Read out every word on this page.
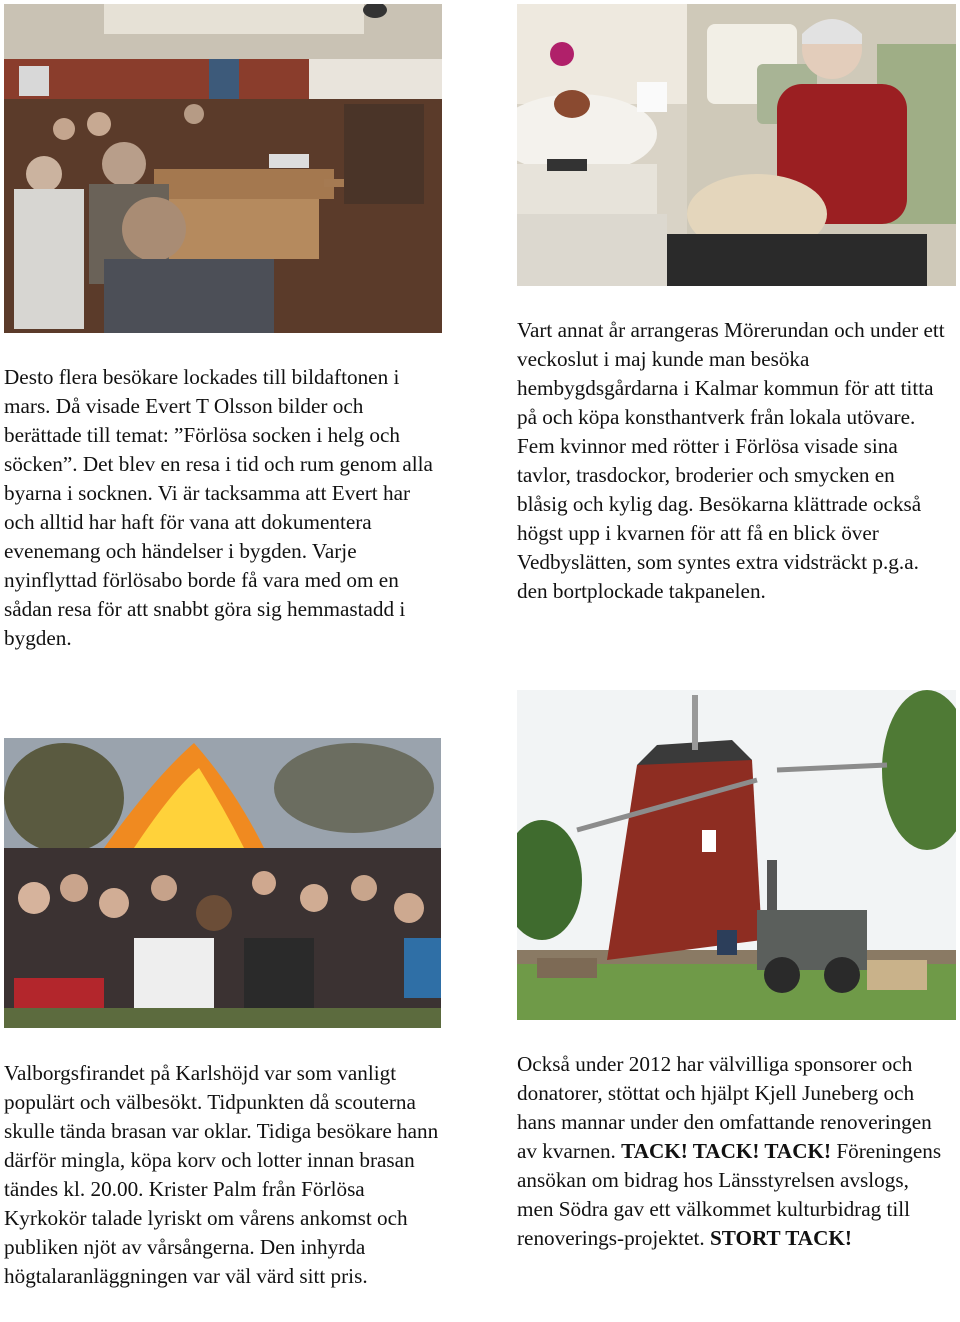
Desto flera besökare lockades till bildaftonen i mars. Då visade Evert T Olsson bilder och berättade till temat: ”Förlösa socken i helg och söcken”. Det blev en resa i tid och rum genom alla byarna i socknen. Vi är tacksamma att Evert har och alltid har haft för vana att dokumentera evenemang och händelser i bygden. Varje nyinflyttad förlösabo borde få vara med om en sådan resa för att snabbt göra sig hemmastadd i bygden.

Vart annat år arrangeras Mörerundan och under ett veckoslut i maj kunde man besöka hembygdsgårdarna i Kalmar kommun för att titta på och köpa konsthantverk från lokala utövare. Fem kvinnor med rötter i Förlösa visade sina tavlor, trasdockor, broderier och smycken en blåsig och kylig dag. Besökarna klättrade också högst upp i kvarnen för att få en blick över Vedbyslätten, som syntes extra vidsträckt p.g.a. den bortplockade takpanelen.

Valborgsfirandet på Karlshöjd var som vanligt populärt och välbesökt. Tidpunkten då scouterna skulle tända brasan var oklar. Tidiga besökare hann därför mingla, köpa korv och lotter innan brasan tändes kl. 20.00. Krister Palm från Förlösa Kyrkokör talade lyriskt om vårens ankomst och publiken njöt av vårsångerna. Den inhyrda högtalaranläggningen var väl värd sitt pris.

Också under 2012 har välvilliga sponsorer och donatorer, stöttat och hjälpt Kjell Juneberg och hans mannar under den omfattande renoveringen av kvarnen. TACK! TACK! TACK! Föreningens ansökan om bidrag hos Länsstyrelsen avslogs, men Södra gav ett välkommet kulturbidrag till renoverings-projektet. STORT TACK!
